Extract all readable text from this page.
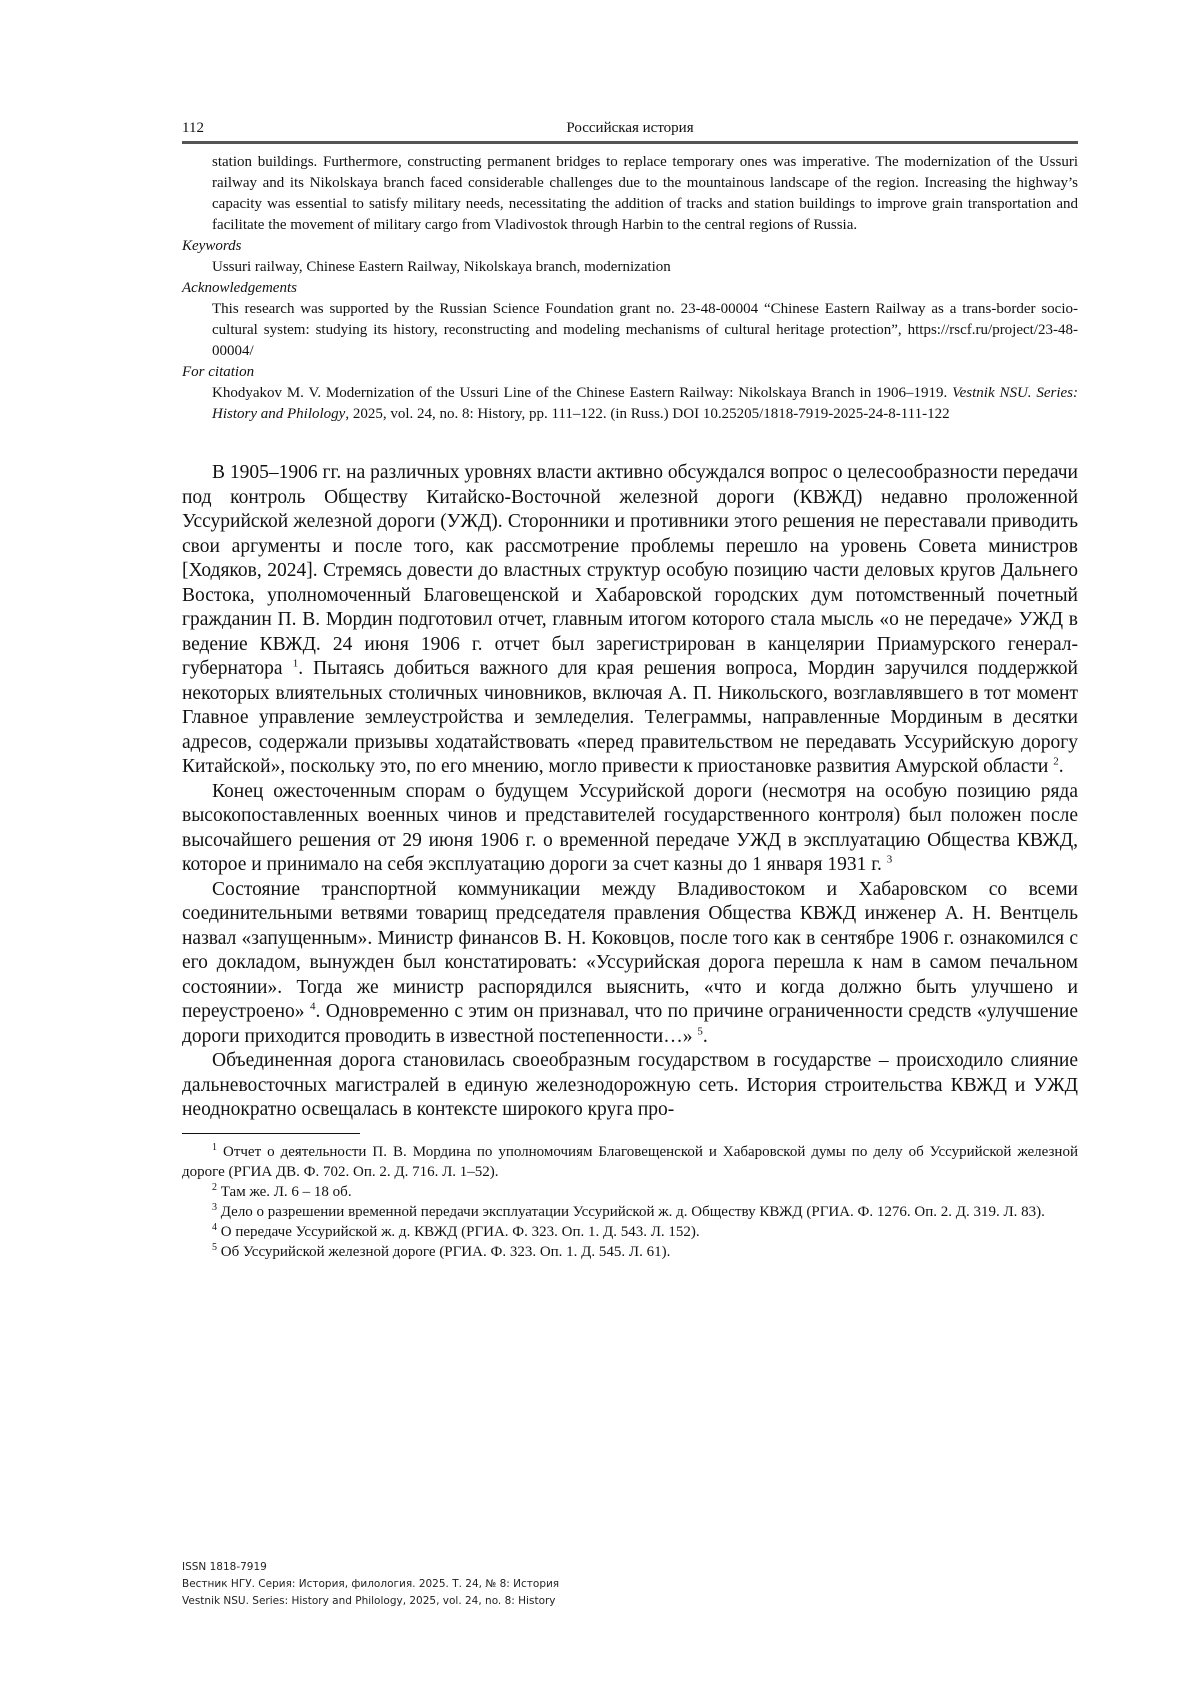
112	Российская история
station buildings. Furthermore, constructing permanent bridges to replace temporary ones was imperative. The modernization of the Ussuri railway and its Nikolskaya branch faced considerable challenges due to the mountainous landscape of the region. Increasing the highway’s capacity was essential to satisfy military needs, necessitating the addition of tracks and station buildings to improve grain transportation and facilitate the movement of military cargo from Vladivostok through Harbin to the central regions of Russia.
Keywords
Ussuri railway, Chinese Eastern Railway, Nikolskaya branch, modernization
Acknowledgements
This research was supported by the Russian Science Foundation grant no. 23-48-00004 “Chinese Eastern Railway as a trans-border socio-cultural system: studying its history, reconstructing and modeling mechanisms of cultural heritage protection”, https://rscf.ru/project/23-48-00004/
For citation
Khodyakov M. V. Modernization of the Ussuri Line of the Chinese Eastern Railway: Nikolskaya Branch in 1906–1919. Vestnik NSU. Series: History and Philology, 2025, vol. 24, no. 8: History, pp. 111–122. (in Russ.) DOI 10.25205/1818-7919-2025-24-8-111-122

В 1905–1906 гг. на различных уровнях власти активно обсуждался вопрос о целесообразности передачи под контроль Обществу Китайско-Восточной железной дороги (КВЖД) недавно проложенной Уссурийской железной дороги (УЖД). Сторонники и противники этого решения не переставали приводить свои аргументы и после того, как рассмотрение проблемы перешло на уровень Совета министров [Ходяков, 2024]. Стремясь довести до властных структур особую позицию части деловых кругов Дальнего Востока, уполномоченный Благовещенской и Хабаровской городских дум потомственный почетный гражданин П. В. Мордин подготовил отчет, главным итогом которого стала мысль «о не передаче» УЖД в ведение КВЖД. 24 июня 1906 г. отчет был зарегистрирован в канцелярии Приамурского генерал-губернатора 1. Пытаясь добиться важного для края решения вопроса, Мордин заручился поддержкой некоторых влиятельных столичных чиновников, включая А. П. Никольского, возглавлявшего в тот момент Главное управление землеустройства и земледелия. Телеграммы, направленные Мординым в десятки адресов, содержали призывы ходатайствовать «перед правительством не передавать Уссурийскую дорогу Китайской», поскольку это, по его мнению, могло привести к приостановке развития Амурской области 2.

Конец ожесточенным спорам о будущем Уссурийской дороги (несмотря на особую позицию ряда высокопоставленных военных чинов и представителей государственного контроля) был положен после высочайшего решения от 29 июня 1906 г. о временной передаче УЖД в эксплуатацию Общества КВЖД, которое и принимало на себя эксплуатацию дороги за счет казны до 1 января 1931 г. 3

Состояние транспортной коммуникации между Владивостоком и Хабаровском со всеми соединительными ветвями товарищ председателя правления Общества КВЖД инженер А. Н. Вентцель назвал «запущенным». Министр финансов В. Н. Коковцов, после того как в сентябре 1906 г. ознакомился с его докладом, вынужден был констатировать: «Уссурийская дорога перешла к нам в самом печальном состоянии». Тогда же министр распорядился выяснить, «что и когда должно быть улучшено и переустроено» 4. Одновременно с этим он признавал, что по причине ограниченности средств «улучшение дороги приходится проводить в известной постепенности…» 5.

Объединенная дорога становилась своеобразным государством в государстве – происходило слияние дальневосточных магистралей в единую железнодорожную сеть. История строительства КВЖД и УЖД неоднократно освещалась в контексте широкого круга про-

1 Отчет о деятельности П. В. Мордина по уполномочиям Благовещенской и Хабаровской думы по делу об Уссурийской железной дороге (РГИА ДВ. Ф. 702. Оп. 2. Д. 716. Л. 1–52).

2 Там же. Л. 6 – 18 об.

3 Дело о разрешении временной передачи эксплуатации Уссурийской ж. д. Обществу КВЖД (РГИА. Ф. 1276. Оп. 2. Д. 319. Л. 83).

4 О передаче Уссурийской ж. д. КВЖД (РГИА. Ф. 323. Оп. 1. Д. 543. Л. 152).

5 Об Уссурийской железной дороге (РГИА. Ф. 323. Оп. 1. Д. 545. Л. 61).

ISSN 1818-7919
Вестник НГУ. Серия: История, филология. 2025. Т. 24, № 8: История
Vestnik NSU. Series: History and Philology, 2025, vol. 24, no. 8: History
